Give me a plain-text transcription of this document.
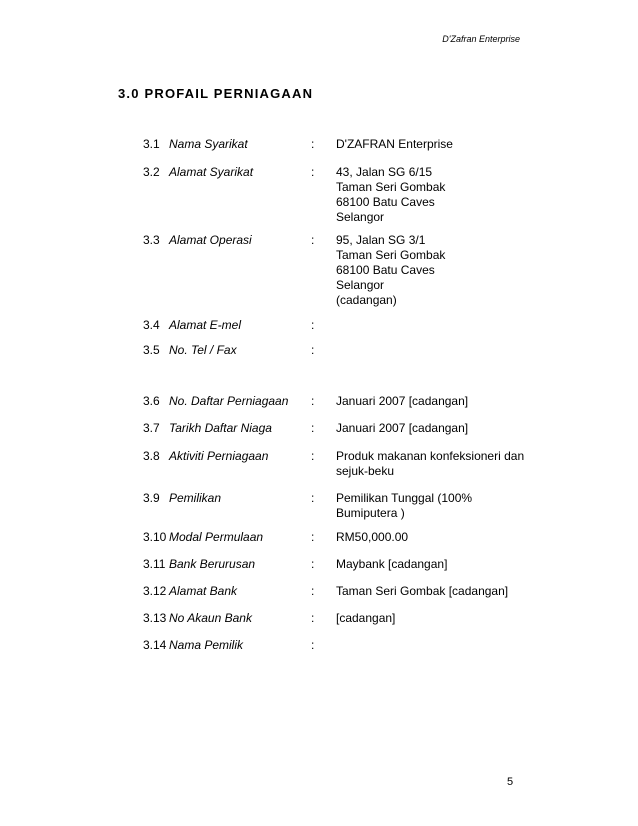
D'Zafran Enterprise
3.0 PROFAIL PERNIAGAAN
3.1 Nama Syarikat	: D'ZAFRAN Enterprise
3.2 Alamat Syarikat	: 43, Jalan SG 6/15
Taman Seri Gombak
68100 Batu Caves
Selangor
3.3 Alamat Operasi	: 95, Jalan SG 3/1
Taman Seri Gombak
68100 Batu Caves
Selangor
(cadangan)
3.4 Alamat E-mel	:
3.5 No. Tel / Fax	:
3.6 No. Daftar Perniagaan : Januari 2007 [cadangan]
3.7 Tarikh Daftar Niaga	: Januari 2007 [cadangan]
3.8 Aktiviti Perniagaan	: Produk makanan konfeksioneri dan
sejuk-beku
3.9 Pemilikan	: Pemilikan Tunggal (100%
Bumiputera )
3.10 Modal Permulaan	: RM50,000.00
3.11 Bank Berurusan	: Maybank [cadangan]
3.12 Alamat Bank	: Taman Seri Gombak [cadangan]
3.13 No Akaun Bank	: [cadangan]
3.14 Nama Pemilik	:
5
